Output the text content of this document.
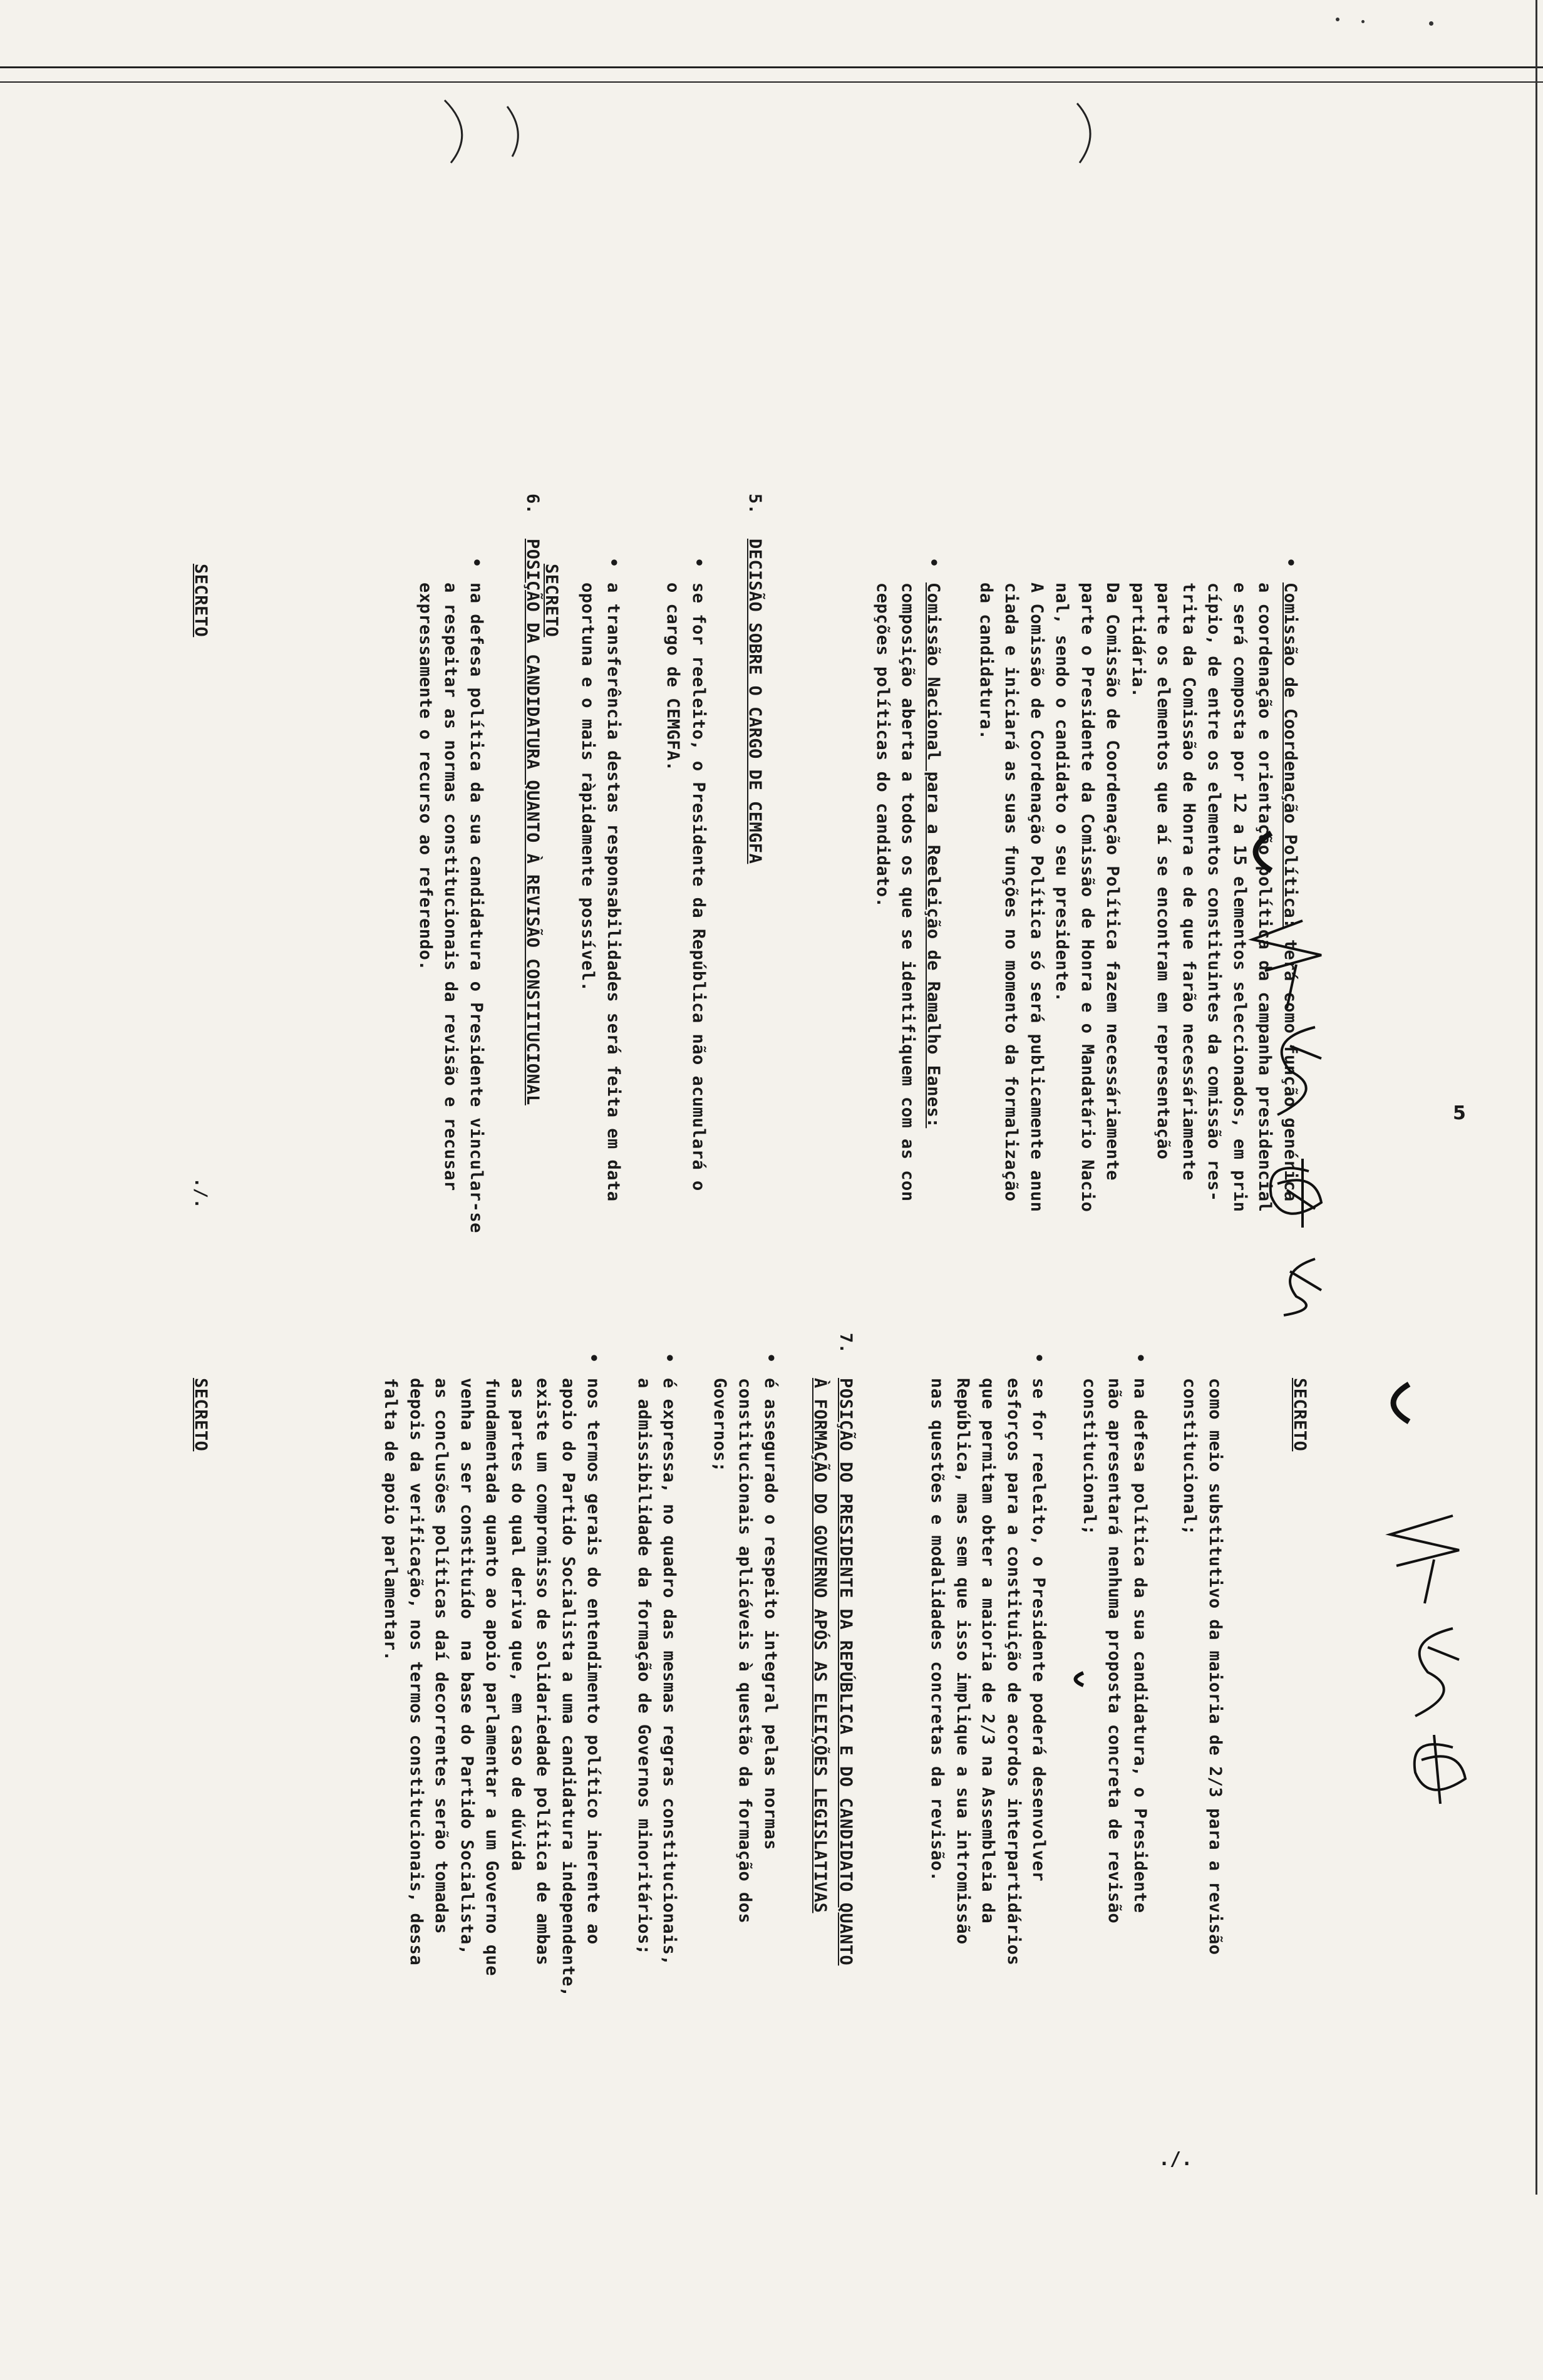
SECRETO
•

Comissão de Coordenação Política: terá como função genérica

a coordenação e orientação política da campanha presidencial

e será composta por 12 a 15 elementos seleccionados, em prin

cípio, de entre os elementos constituintes da comissão res-

trita da Comissão de Honra e de que farão necessáriamente

parte os elementos que aí se encontram em representação

partidária.

Da Comissão de Coordenação Política fazem necessáriamente

parte o Presidente da Comissão de Honra e o Mandatário Nacio

nal, sendo o candidato o seu presidente.

A Comissão de Coordenação Política só será publicamente anun

ciada e iniciará as suas funções no momento da formalização

da candidatura.

•

Comissão Nacional para a Reeleição de Ramalho Eanes:

composição aberta a todos os que se identifiquem com as con

cepções políticas do candidato.

5.
DECISÃO SOBRE O CARGO DE CEMGFA

•

se for reeleito, o Presidente da República não acumulará o

o cargo de CEMGFA.

•

a transferência destas responsabilidades será feita em data

oportuna e o mais ràpidamente possível.

6.
POSIÇÃO DA CANDIDATURA QUANTO À REVISÃO CONSTITUCIONAL

•

na defesa política da sua candidatura o Presidente vincular-se

a respeitar as normas constitucionais da revisão e recusar

expressamente o recurso ao referendo.

SECRETO
./.
SECRETO

como meio substitutivo da maioria de 2/3 para a revisão

constitucional;

•

na defesa política da sua candidatura, o Presidente

não apresentará nenhuma proposta concreta de revisão

constitucional;

•

se for reeleito, o Presidente poderá desenvolver

esforços para a constituição de acordos interpartidários

que permitam obter a maioria de 2/3 na Assembleia da

República, mas sem que isso implique a sua intromissão

nas questões e modalidades concretas da revisão.

7.

POSIÇÃO DO PRESIDENTE DA REPÚBLICA E DO CANDIDATO QUANTO

À FORMAÇÃO DO GOVERNO APÓS AS ELEIÇÕES LEGISLATIVAS

•

é assegurado o respeito integral pelas normas

constitucionais aplicáveis à questão da formação dos

Governos;

•

é expressa, no quadro das mesmas regras constitucionais,

a admissibilidade da formação de Governos minoritários;

•

nos termos gerais do entendimento político inerente ao

apoio do Partido Socialista a uma candidatura independente,

existe um compromisso de solidariedade política de ambas

as partes do qual deriva que, em caso de dúvida

fundamentada quanto ao apoio parlamentar a um Governo que

venha a ser constituído  na base do Partido Socialista,

as conclusões políticas daí decorrentes serão tomadas

depois da verificação, nos termos constitucionais, dessa

falta de apoio parlamentar.

SECRETO
./.
5
